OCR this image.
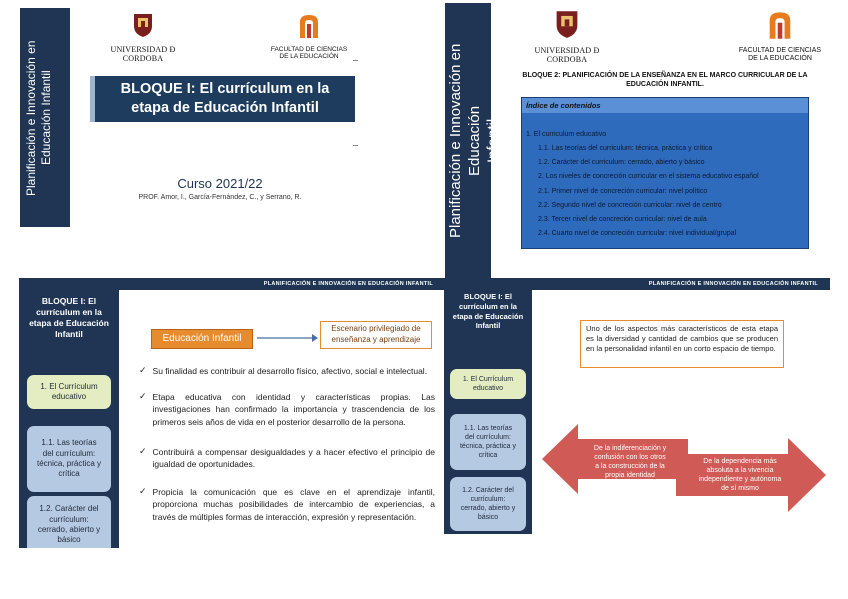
Planificación e Innovación en
Educación Infantil
UNIVERSIDAD Ð CORDOBA
FACULTAD DE CIENCIAS
DE LA EDUCACIÓN
BLOQUE I: El currículum en la
etapa de Educación Infantil
Curso 2021/22
PROF. Amor, I., García-Fernández, C., y Serrano, R.	Planificación e Innovación en Educación
Infantil
UNIVERSIDAD Ð CORDOBA
FACULTAD DE CIENCIAS
DE LA EDUCACIÓN
BLOQUE 2: PLANIFICACIÓN DE LA ENSEÑANZA EN EL MARCO CURRICULAR DE LA
EDUCACIÓN INFANTIL.
Índice de contenidos
1. El curriculum educativo
1.1. Las teorías del curriculum: técnica, práctica y crítica
1.2. Carácter del curriculum: cerrado, abierto y básico
2. Los niveles de concreción curricular en el sistema educativo español
2.1. Primer nivel de concreción curricular: nivel político
2.2. Segundo nivel de concreción curricular: nivel de centro
2.3. Tercer nivel de concreción curricular: nivel de aula
2.4. Cuarto nivel de concreción curricular: nivel individual/grupal
PLANIFICACIÓN E INNOVACIÓN EN EDUCACIÓN INFANTIL
BLOQUE I: El
currículum en la
etapa de Educación
Infantil
1. El Currículum
educativo
1.1. Las teorías
del currículum:
técnica, práctica y
crítica
1.2. Carácter del
currículum:
cerrado, abierto y
básico
Educación Infantil
Escenario privilegiado de
enseñanza y aprendizaje
✓ Su finalidad es contribuir al desarrollo físico, afectivo, social e intelectual.
✓ Etapa educativa con identidad y características propias. Las investigaciones han confirmado la importancia y trascendencia de los primeros seis años de vida en el posterior desarrollo de la persona.
✓ Contribuirá a compensar desigualdades y a hacer efectivo el principio de igualdad de oportunidades.
✓ Propicia la comunicación que es clave en el aprendizaje infantil, proporciona muchas posibilidades de intercambio de experiencias, a través de múltiples formas de interacción, expresión y representación.
PLANIFICACIÓN E INNOVACIÓN EN EDUCACIÓN INFANTIL
BLOQUE I: El
currículum en la
etapa de Educación
Infantil
1. El Currículum
educativo
1.1. Las teorías
del currículum:
técnica, práctica y
crítica
1.2. Carácter del
currículum:
cerrado, abierto y
básico
Uno de los aspectos más característicos de esta etapa es la diversidad y cantidad de cambios que se producen en la personalidad infantil en un corto espacio de tiempo.
De la indiferenciación y
confusión con los otros
a la construcción de la
propia identidad
De la dependencia más
absoluta a la vivencia
independiente y autónoma
de sí mismo
